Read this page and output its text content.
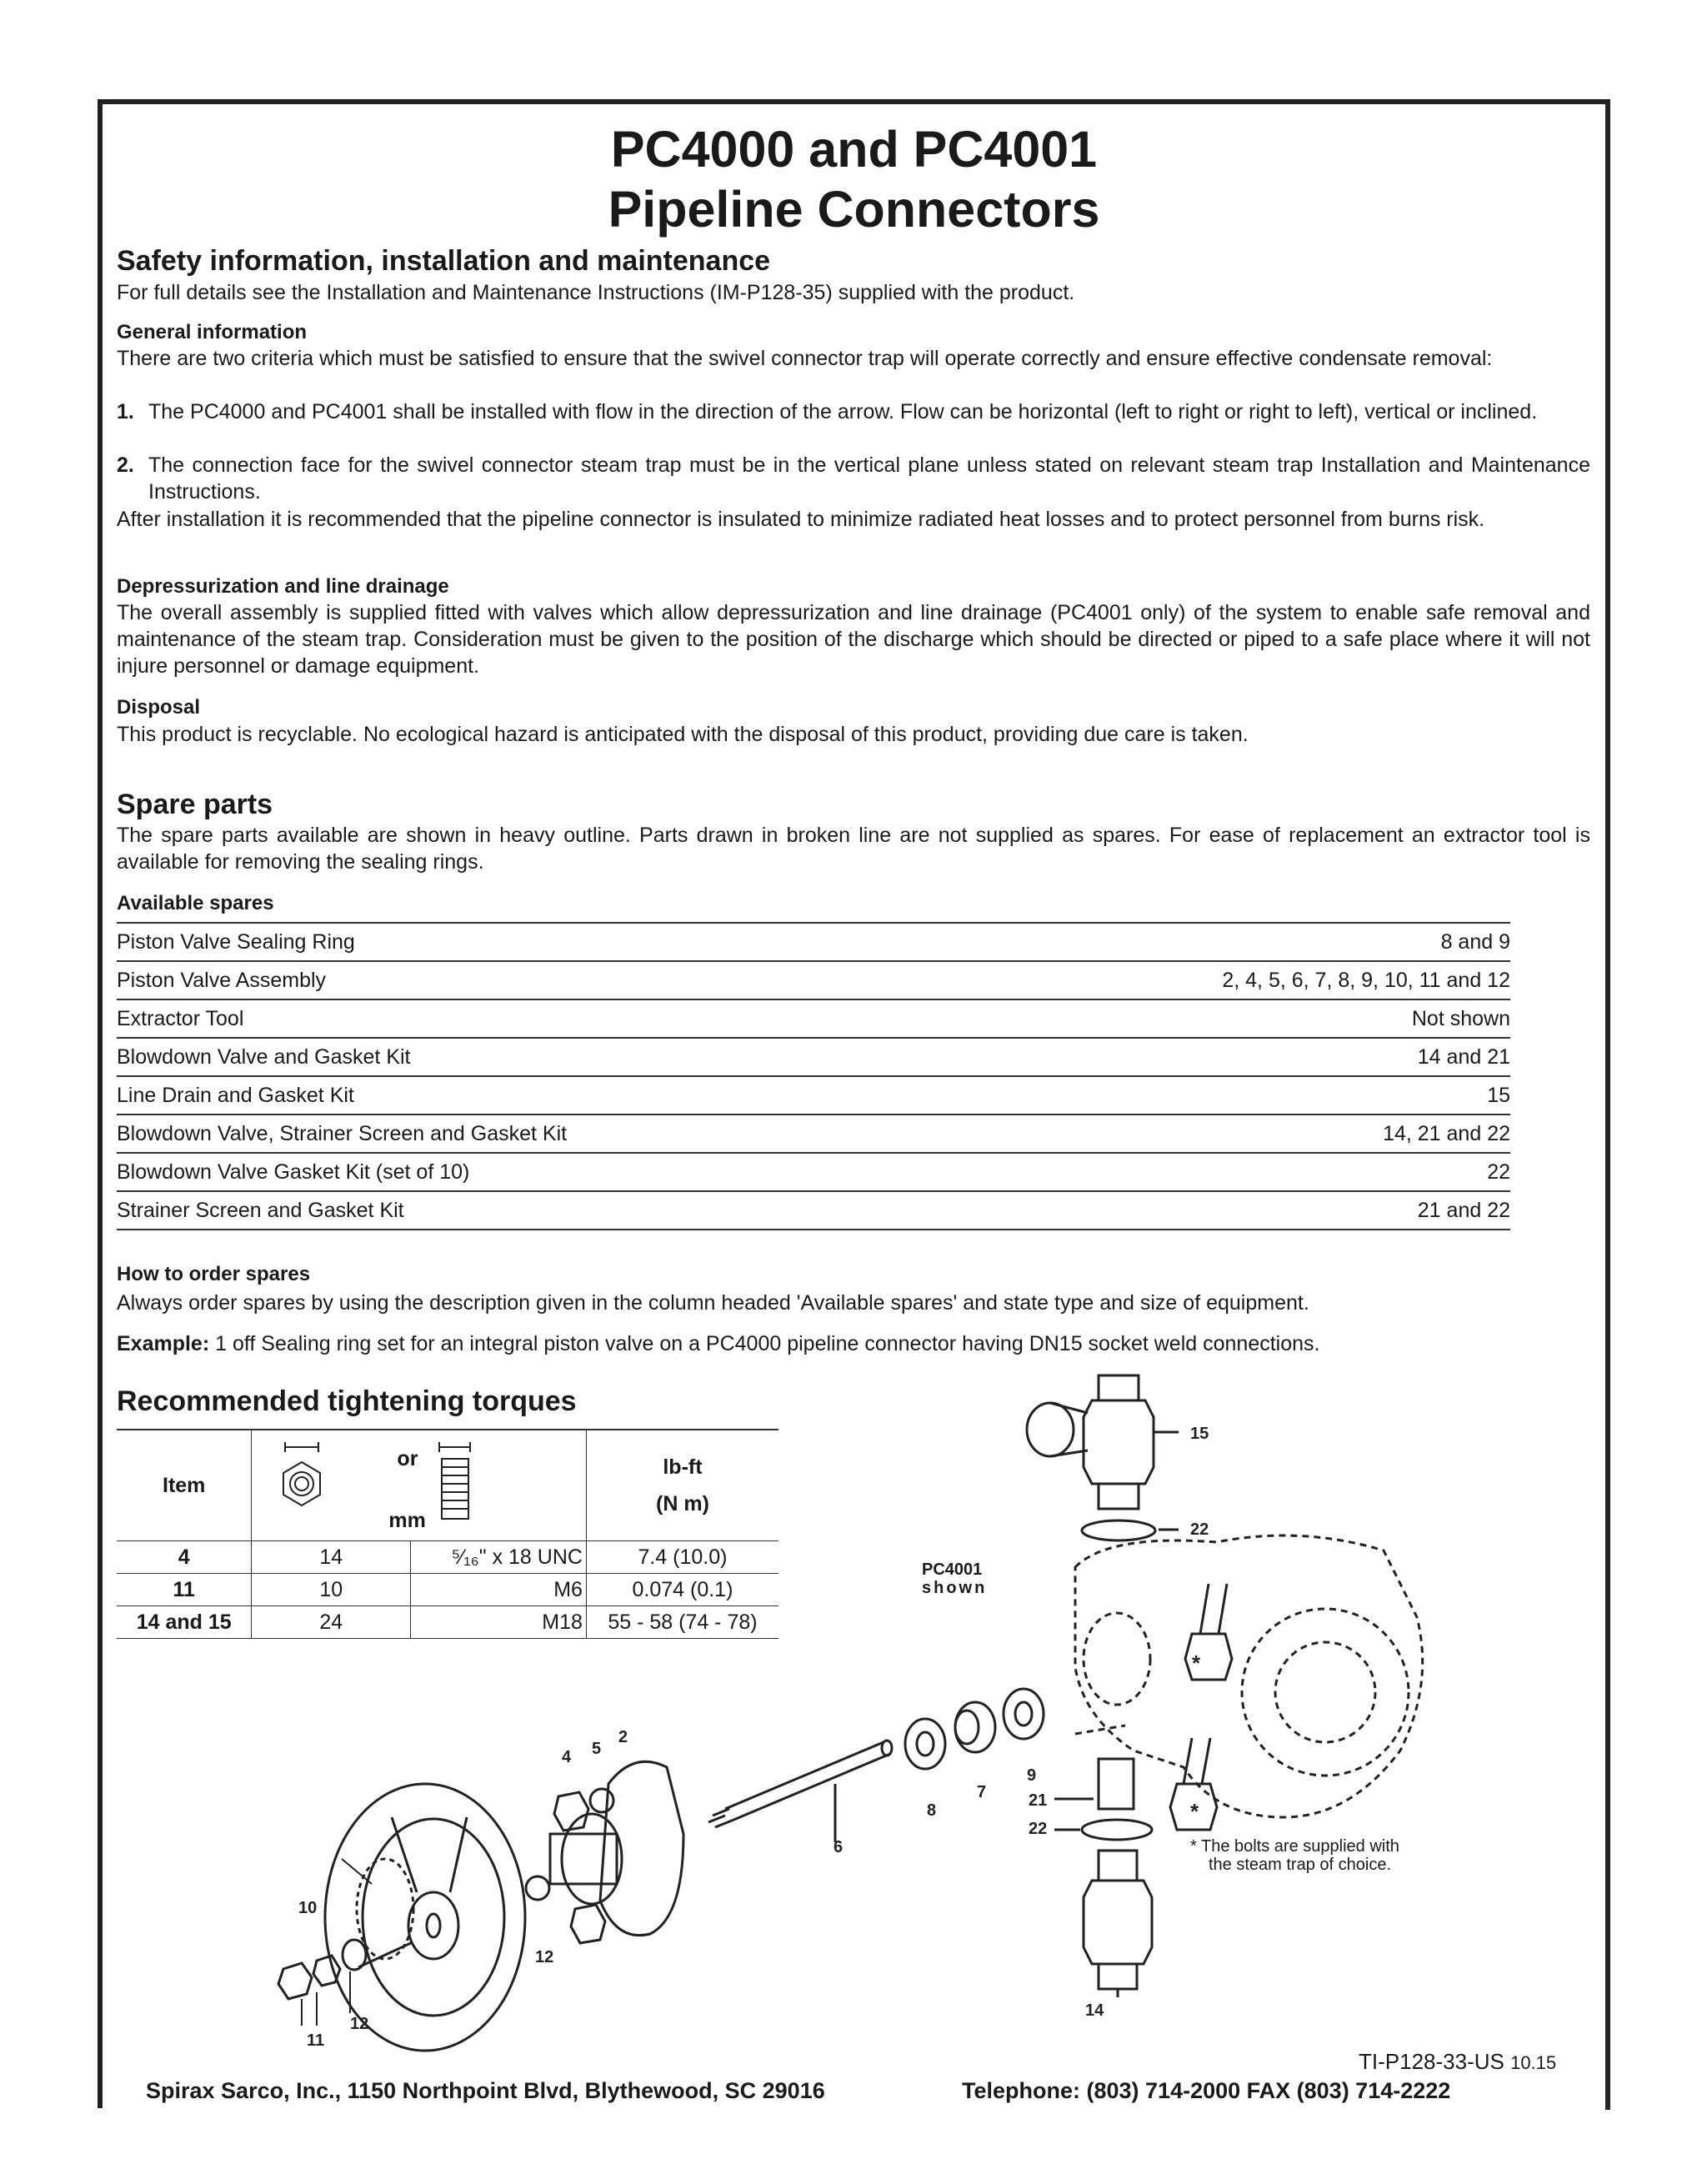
PC4000 and PC4001
Pipeline Connectors
Safety information, installation and maintenance
For full details see the Installation and Maintenance Instructions (IM-P128-35) supplied with the product.
General information
There are two criteria which must be satisfied to ensure that the swivel connector trap will operate correctly and ensure effective condensate removal:
1. The PC4000 and PC4001 shall be installed with flow in the direction of the arrow. Flow can be horizontal (left to right or right to left), vertical or inclined.
2. The connection face for the swivel connector steam trap must be in the vertical plane unless stated on relevant steam trap Installation and Maintenance Instructions.
After installation it is recommended that the pipeline connector is insulated to minimize radiated heat losses and to protect personnel from burns risk.
Depressurization and line drainage
The overall assembly is supplied fitted with valves which allow depressurization and line drainage (PC4001 only) of the system to enable safe removal and maintenance of the steam trap. Consideration must be given to the position of the discharge which should be directed or piped to a safe place where it will not injure personnel or damage equipment.
Disposal
This product is recyclable. No ecological hazard is anticipated with the disposal of this product, providing due care is taken.
Spare parts
The spare parts available are shown in heavy outline. Parts drawn in broken line are not supplied as spares. For ease of replacement an extractor tool is available for removing the sealing rings.
Available spares
Piston Valve Sealing Ring	8 and 9
Piston Valve Assembly	2, 4, 5, 6, 7, 8, 9, 10, 11 and 12
Extractor Tool	Not shown
Blowdown Valve and Gasket Kit	14 and 21
Line Drain and Gasket Kit	15
Blowdown Valve, Strainer Screen and Gasket Kit	14, 21 and 22
Blowdown Valve Gasket Kit (set of 10)	22
Strainer Screen and Gasket Kit	21 and 22
How to order spares
Always order spares by using the description given in the column headed 'Available spares' and state type and size of equipment.
Example: 1 off Sealing ring set for an integral piston valve on a PC4000 pipeline connector having DN15 socket weld connections.
Recommended tightening torques
Item	or
mm		lb-ft
(N m)
4	14	⁵⁄₁₆" x 18 UNC	7.4 (10.0)
11	10	M6	0.074 (0.1)
14 and 15	24	M18	55 - 58 (74 - 78)
15
22
2
5
4
9
7
8
21
22
6
10
12
12
11
14
*
*
PC4001
shown
* The bolts are supplied with
the steam trap of choice.
TI-P128-33-US 10.15
Spirax Sarco, Inc., 1150 Northpoint Blvd, Blythewood, SC 29016	Telephone: (803) 714-2000 FAX (803) 714-2222
